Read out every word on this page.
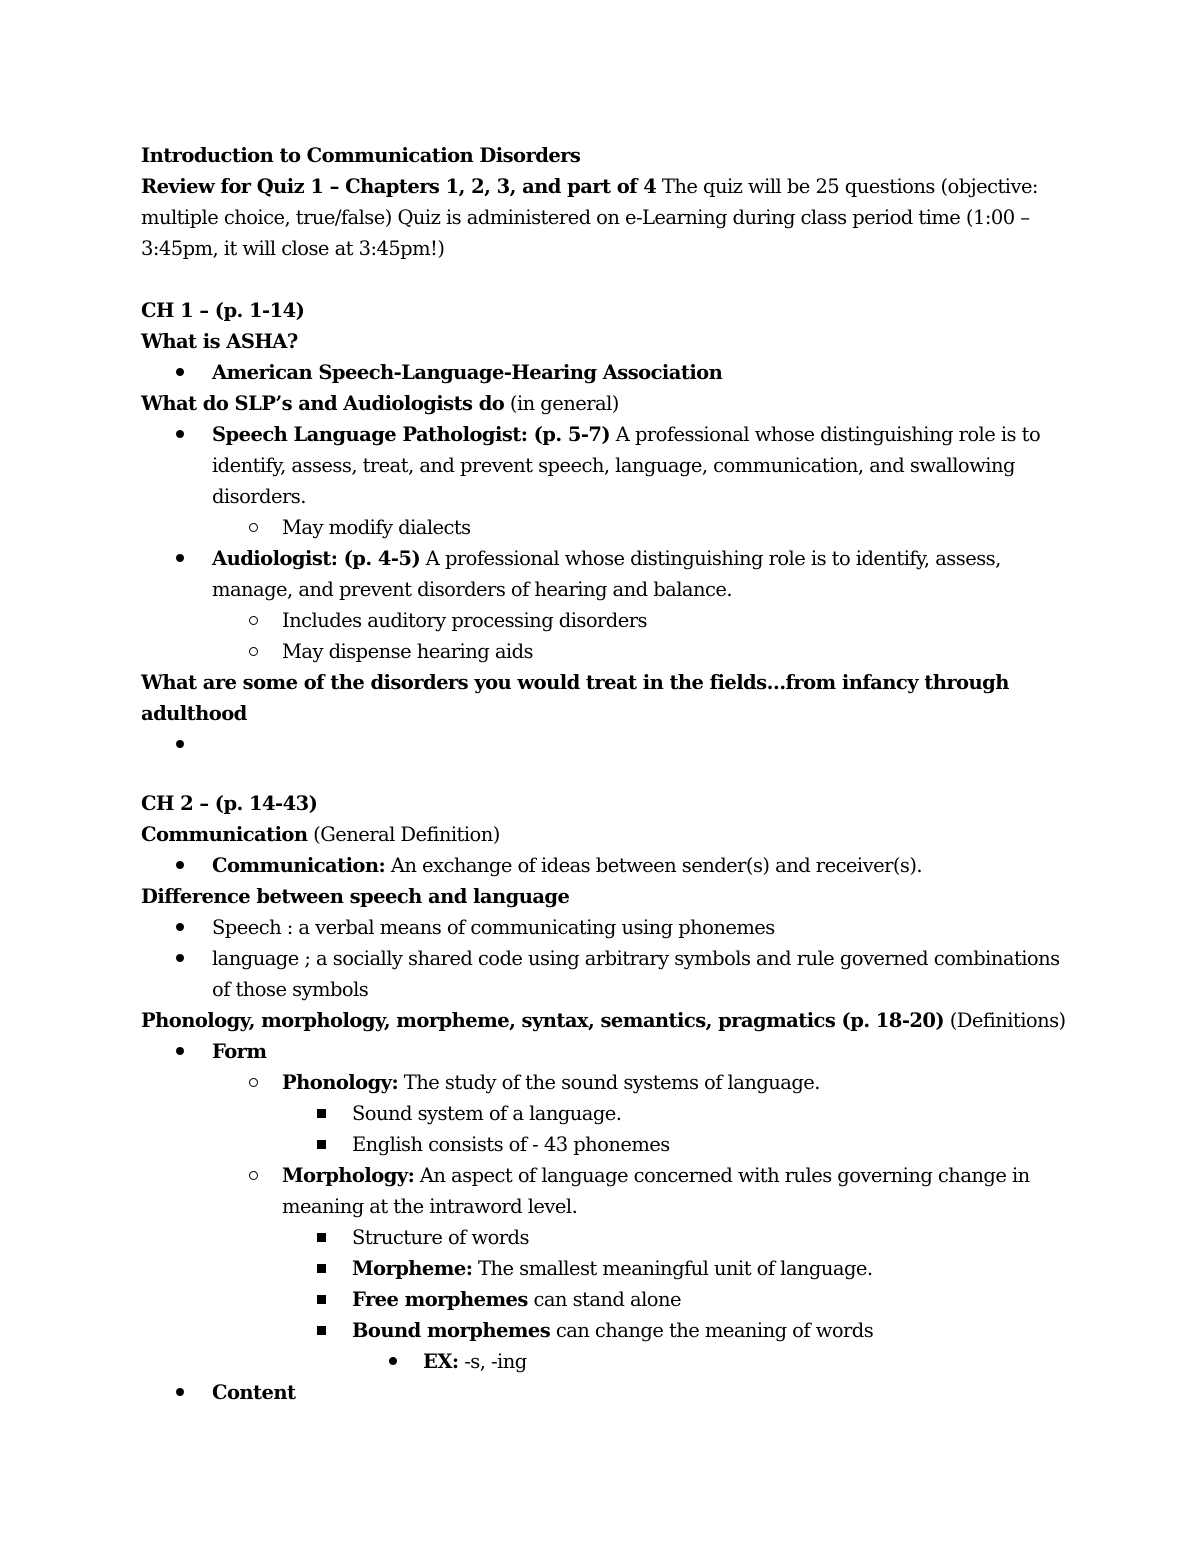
Introduction to Communication Disorders
Review for Quiz 1 – Chapters 1, 2, 3, and part of 4 The quiz will be 25 questions (objective:
multiple choice, true/false) Quiz is administered on e-Learning during class period time (1:00 –
3:45pm, it will close at 3:45pm!)
CH 1 – (p. 1-14)
What is ASHA?
American Speech-Language-Hearing Association
What do SLP’s and Audiologists do (in general)
Speech Language Pathologist: (p. 5-7) A professional whose distinguishing role is to
identify, assess, treat, and prevent speech, language, communication, and swallowing
disorders.
May modify dialects
Audiologist: (p. 4-5) A professional whose distinguishing role is to identify, assess,
manage, and prevent disorders of hearing and balance.
Includes auditory processing disorders
May dispense hearing aids
What are some of the disorders you would treat in the fields…from infancy through
adulthood
CH 2 – (p. 14-43)
Communication (General Definition)
Communication: An exchange of ideas between sender(s) and receiver(s).
Difference between speech and language
Speech : a verbal means of communicating using phonemes
language ; a socially shared code using arbitrary symbols and rule governed combinations
of those symbols
Phonology, morphology, morpheme, syntax, semantics, pragmatics (p. 18-20) (Definitions)
Form
Phonology: The study of the sound systems of language.
Sound system of a language.
English consists of - 43 phonemes
Morphology: An aspect of language concerned with rules governing change in
meaning at the intraword level.
Structure of words
Morpheme: The smallest meaningful unit of language.
Free morphemes can stand alone
Bound morphemes can change the meaning of words
EX: -s, -ing
Content
